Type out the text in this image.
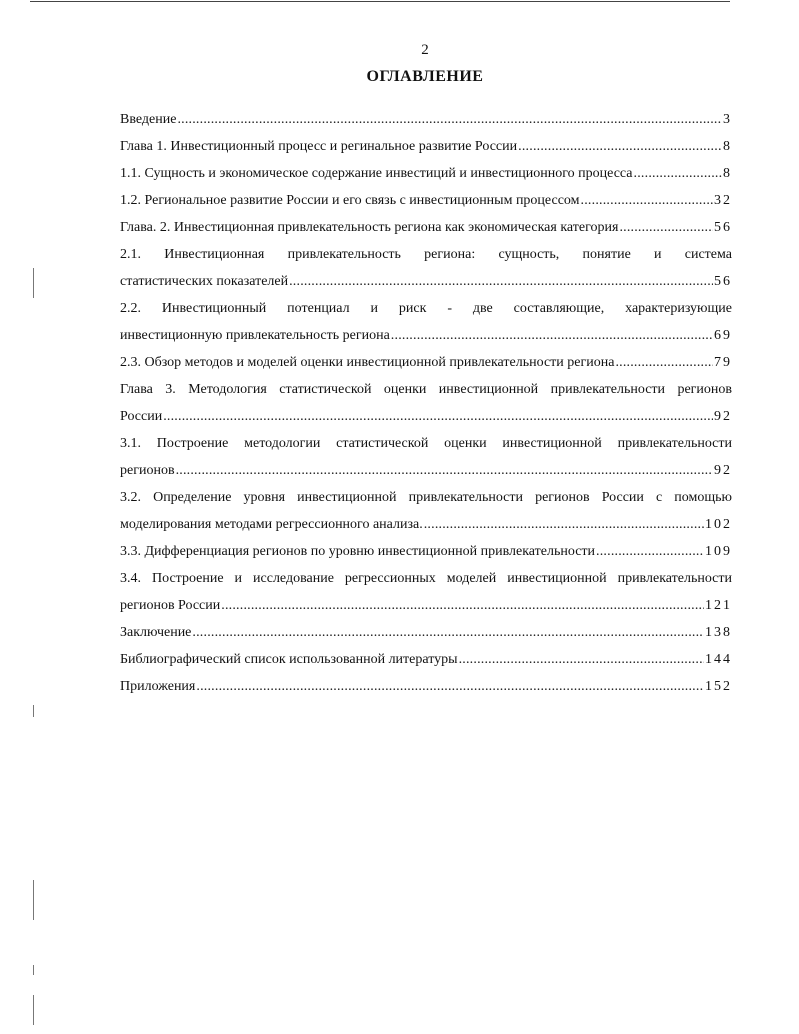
2
ОГЛАВЛЕНИЕ
Введение .....	3
Глава 1. Инвестиционный процесс и регинальное развитие России .....	8
1.1. Сущность и экономическое содержание инвестиций и инвестиционного процесса .....	8
1.2. Региональное развитие России и его связь с инвестиционным процессом .....	32
Глава. 2. Инвестиционная привлекательность региона как экономическая категория .....	56
2.1. Инвестиционная привлекательность региона: сущность, понятие и система
статистических показателей .....	56
2.2. Инвестиционный потенциал и риск - две составляющие, характеризующие
инвестиционную привлекательность региона .....	69
2.3. Обзор методов и моделей оценки инвестиционной привлекательности региона .....	79
Глава 3. Методология статистической оценки инвестиционной привлекательности регионов
России .....	92
3.1. Построение методологии статистической оценки инвестиционной привлекательности
регионов .....	92
3.2. Определение уровня инвестиционной привлекательности регионов России с помощью
моделирования методами регрессионного анализа. .....	102
3.3. Дифференциация регионов по уровню инвестиционной привлекательности .....	109
3.4. Построение и исследование регрессионных моделей инвестиционной привлекательности
регионов России .....	121
Заключение .....	138
Библиографический список использованной литературы .....	144
Приложения .....	152
